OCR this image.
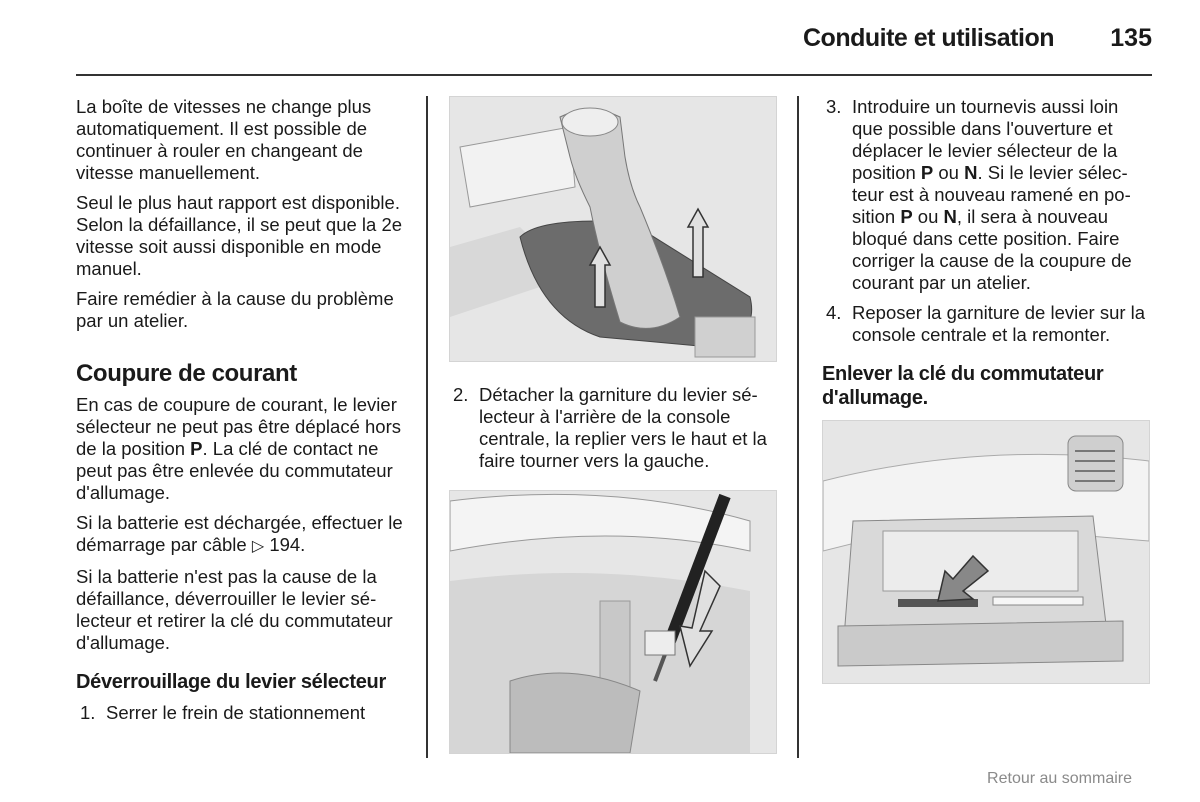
Conduite et utilisation 135

La boîte de vitesses ne change plus automatiquement. Il est possible de continuer à rouler en changeant de vitesse manuellement.

Seul le plus haut rapport est disponible. Selon la défaillance, il se peut que la 2e vitesse soit aussi disponible en mode manuel.

Faire remédier à la cause du problème par un atelier.

Coupure de courant

En cas de coupure de courant, le levier sélecteur ne peut pas être déplacé hors de la position P. La clé de contact ne peut pas être enlevée du commutateur d'allumage.

Si la batterie est déchargée, effectuer le démarrage par câble ▷ 194.

Si la batterie n'est pas la cause de la défaillance, déverrouiller le levier sélecteur et retirer la clé du commutateur d'allumage.

Déverrouillage du levier sélecteur
1. Serrer le frein de stationnement
2. Détacher la garniture du levier sélecteur à l'arrière de la console centrale, la replier vers le haut et la faire tourner vers la gauche.
3. Introduire un tournevis aussi loin que possible dans l'ouverture et déplacer le levier sélecteur de la position P ou N. Si le levier sélecteur est à nouveau ramené en position P ou N, il sera à nouveau bloqué dans cette position. Faire corriger la cause de la coupure de courant par un atelier.
4. Reposer la garniture de levier sur la console centrale et la remonter.
Enlever la clé du commutateur d'allumage.
Retour au sommaire
